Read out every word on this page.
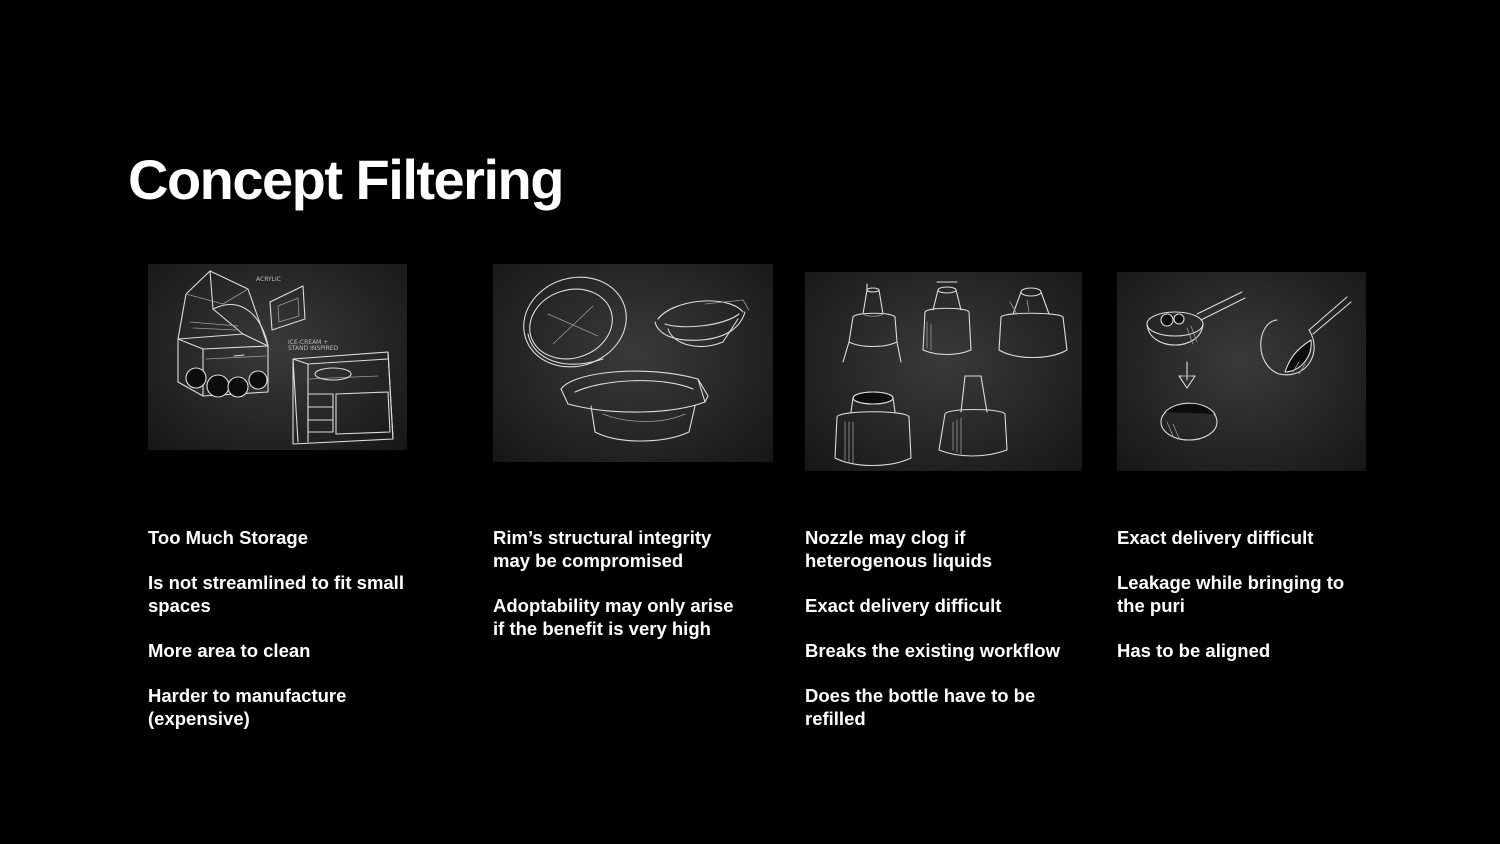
Concept Filtering
ACRYLIC
ICE-CREAM +
STAND INSPIRED

Too Much Storage

Is not streamlined to fit small spaces

More area to clean

Harder to manufacture (expensive)

Rim’s structural integrity may be compromised

Adoptability may only arise if the benefit is very high

Nozzle may clog if heterogenous liquids

Exact delivery difficult

Breaks the existing workflow

Does the bottle have to be refilled

Exact delivery difficult

Leakage while bringing to the puri

Has to be aligned
